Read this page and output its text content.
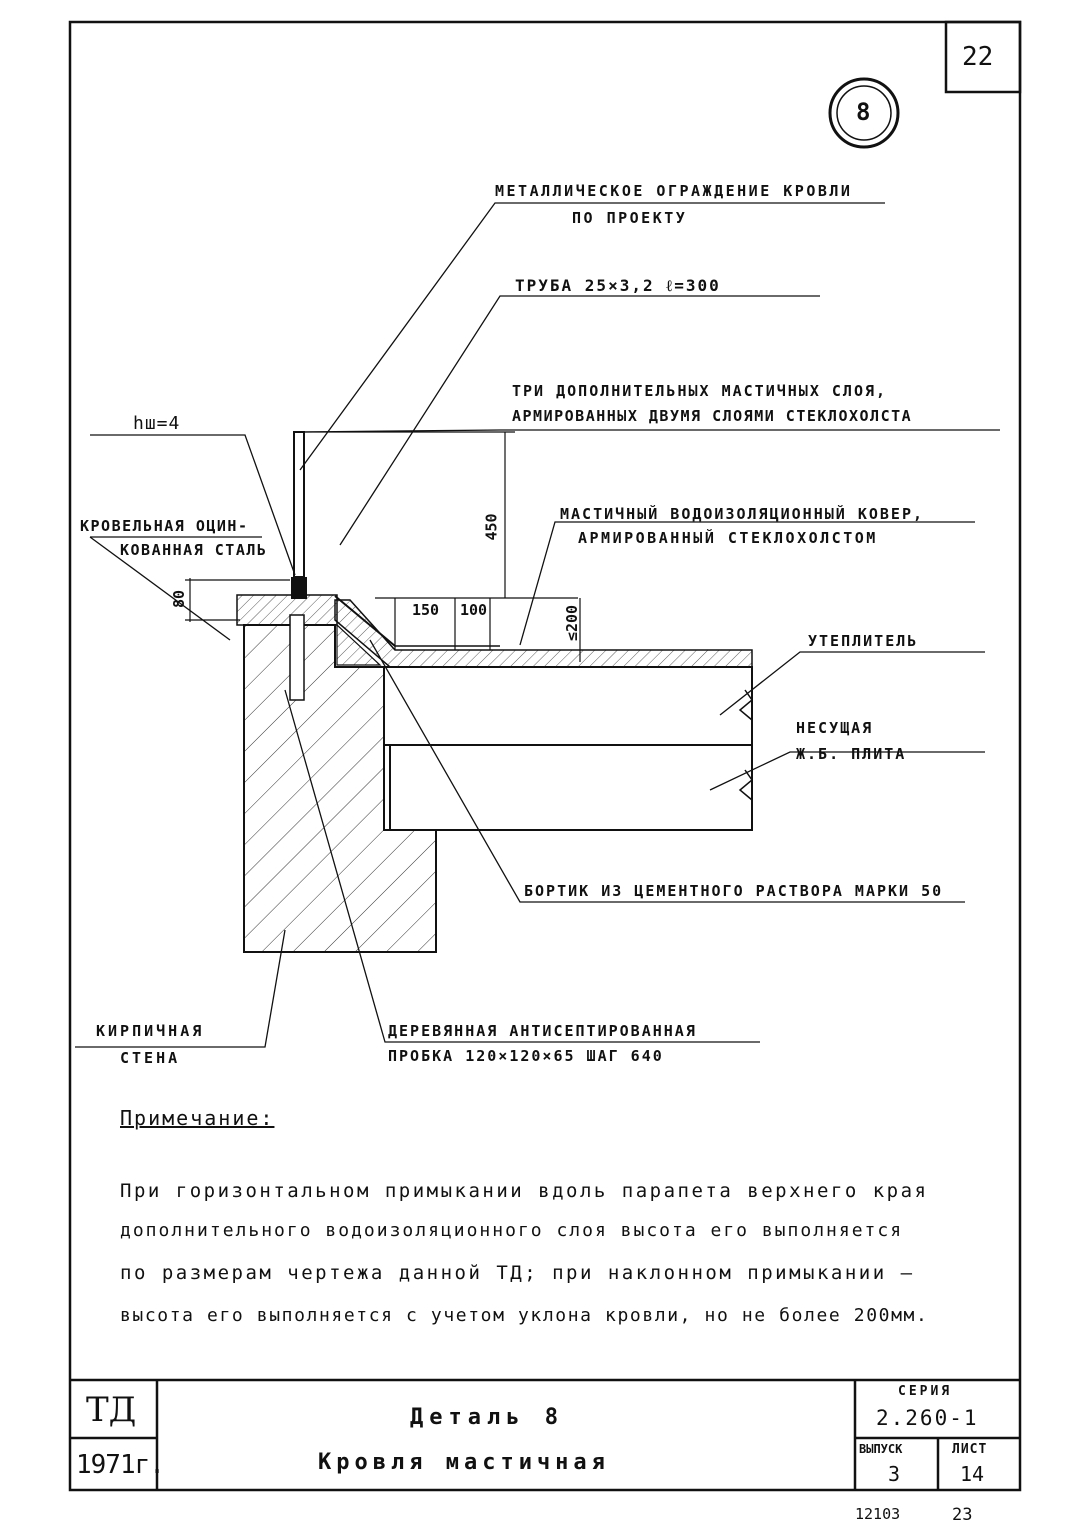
22
8
МЕТАЛЛИЧЕСКОЕ ОГРАЖДЕНИЕ КРОВЛИ
ПО ПРОЕКТУ
ТРУБА 25×3,2 ℓ=300
ТРИ ДОПОЛНИТЕЛЬНЫХ МАСТИЧНЫХ СЛОЯ,
АРМИРОВАННЫХ ДВУМЯ СЛОЯМИ СТЕКЛОХОЛСТА
hш=4
КРОВЕЛЬНАЯ ОЦИН-
КОВАННАЯ СТАЛЬ
МАСТИЧНЫЙ ВОДОИЗОЛЯЦИОННЫЙ КОВЕР,
АРМИРОВАННЫЙ СТЕКЛОХОЛСТОМ
УТЕПЛИТЕЛЬ
НЕСУЩАЯ
Ж.Б. ПЛИТА
БОРТИК ИЗ ЦЕМЕНТНОГО РАСТВОРА МАРКИ 50
КИРПИЧНАЯ
СТЕНА
ДЕРЕВЯННАЯ АНТИСЕПТИРОВАННАЯ
ПРОБКА 120×120×65 ШАГ 640
450
80
150 100	≤200
Примечание:
При горизонтальном примыкании вдоль парапета верхнего края
дополнительного водоизоляционного слоя высота его выполняется
по размерам чертежа данной ТД; при наклонном примыкании –
высота его выполняется с учетом уклона кровли, но не более 200мм.
ТД
1971г.
Деталь 8
Кровля мастичная
СЕРИЯ
2.260-1
ВЫПУСК
3
ЛИСТ
14
12103	23
